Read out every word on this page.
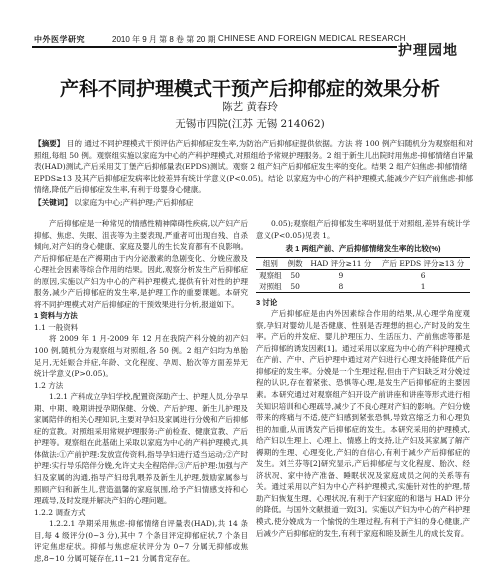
中外医学研究	2010 年 9 月 第 8 卷 第 20 期 CHINESE AND FOREIGN MEDICAL RESEARCH
护理园地
产科不同护理模式干预产后抑郁症的效果分析
陈艺 黄春玲
无锡市四院(江苏 无锡 214062)
【摘要】 目的 通过不同护理模式干预评估产后抑郁症发生率,为防治产后抑郁症提供依据。方法 将 100 例产妇随机分为观察组和对照组,每组 50 例。观察组实施以家庭为中心的产科护理模式,对照组给予常规护理服务。2 组于新生儿出院时用焦虑-抑郁情绪自评量表(HAD)测试,产后采用艾丁堡产后抑郁量表(EPDS)测试。观察 2 组产妇产后抑郁症发生率的变化。结果 2 组产妇焦虑-抑郁情绪 EPDS≥13 及其产后抑郁症发病率比较差异有统计学意义(P<0.05)。结论 以家庭为中心的产科护理模式,能减少产妇产前焦虑-抑郁情绪,降低产后抑郁症发生率,有利于母婴身心健康。
【关键词】 以家庭为中心;产科护理;产后抑郁症

产后抑郁症是一种常见的情感性精神障碍性疾病,以产妇产后抑郁、焦虑、失眠、沮丧等为主要表现,严重者可出现自残、自杀倾向,对产妇的身心健康、家庭及婴儿的生长发育都有不良影响。产后抑郁症是在产褥期由于内分泌激素的急剧变化、分娩应激及心理社会因素等综合作用的结果。因此,观察分析发生产后抑郁症的原因,实施以产妇为中心的产科护理模式,提供有针对性的护理服务,减少产后抑郁症的发生率,是护理工作的重要课题。本研究将不同护理模式对产后抑郁症的干预效果进行分析,报道如下。

1 资料与方法

1.1 一般资料

将 2009 年 1 月-2009 年 12 月在我院产科分娩的初产妇 100 例,随机分为观察组与对照组,各 50 例。2 组产妇均为单胎足月,无妊娠合并症,年龄、文化程度、孕周、胎次等方面差异无统计学意义(P>0.05)。

1.2 方法

1.2.1 产科成立孕妇学校,配置资深助产士、护理人员,分孕早期、中期、晚期讲授孕期保健、分娩、产后护理、新生儿护理及家属陪伴的相关心理知识,主要对孕妇及家属进行分娩和产后抑郁症的宣教。对照组采用常规护理服务:产前检查、健康宣教、产后护理等。观察组在此基础上采取以家庭为中心的产科护理模式,具体做法:①产前护理:发放宣传资料,指导孕妇进行适当运动;②产时护理:实行导乐陪伴分娩,允许丈夫全程陪伴;③产后护理:加强与产妇及家属的沟通,指导产妇母乳喂养及新生儿护理,鼓励家属参与照顾产妇和新生儿,营造温馨的家庭氛围,给予产妇情感支持和心理疏导,及时发现并解决产妇的心理问题。

1.2.2 调查方式

1.2.2.1 孕期采用焦虑-抑郁情绪自评量表(HAD),共 14 条目,每 4 级评分(0~3 分),其中 7 个条目评定抑郁症状,7 个条目评定焦虑症状。抑郁与焦虑症状评分为 0~7 分属无抑郁或焦虑,8~10 分属可疑存在,11~21 分属肯定存在。

0.05);观察组产后抑郁发生率明显低于对照组,差异有统计学意义(P<0.05)见表 1。

表 1 两组产前、产后抑郁情绪发生率的比较(%)
组别	例数	HAD 评分≥11 分	产后 EPDS 评分≥13 分
观察组	50	9	6
对照组	50	8	1

3 讨论

产后抑郁症是由内外因素综合作用的结果,从心理学角度观察,孕妇对婴幼儿是否健康、性别是否理想的担心,产时及的发生率。产后的并发症、婴儿护理压力、生活压力、产前焦虑等都是产后抑郁的诱发因素[1]。通过采用以家庭为中心的产科护理模式在产前、产中、产后护理中通过对产妇进行心理支持能降低产后抑郁症的发生率。分娩是一个生理过程,但由于产妇缺乏对分娩过程的认识,存在着紧张、恐惧等心理,是发生产后抑郁症的主要因素。本研究通过对观察组产妇开设产前讲座和讲座等形式进行相关知识培训和心理疏导,减少了不良心理对产妇的影响。产妇分娩带来的疼痛与不适,使产妇感到紧张恐惧,导致宫缩乏力和心理负担的加重,从而诱发产后抑郁症的发生。本研究采用的护理模式,给产妇以生理上、心理上、情感上的支持,让产妇及其家属了解产褥期的生理、心理变化,产妇的自信心,有利于减少产后抑郁症的发生。刘兰芬等[2]研究显示,产后抑郁症与文化程度、胎次、经济状况、家中待产准备、睡眠状况及家庭成员之间的关系等有关。通过采用以产妇为中心产科护理模式,实施针对性的护理,帮助产妇恢复生理、心理状况,有利于产妇家庭的和谐与 HAD 评分的降低。与国外文献报道一致[3]。实施以产妇为中心的产科护理模式,使分娩成为一个愉悦的生理过程,有利于产妇的身心健康,产后减少产后抑郁症的发生,有利于家庭和睦及新生儿的成长发育。
